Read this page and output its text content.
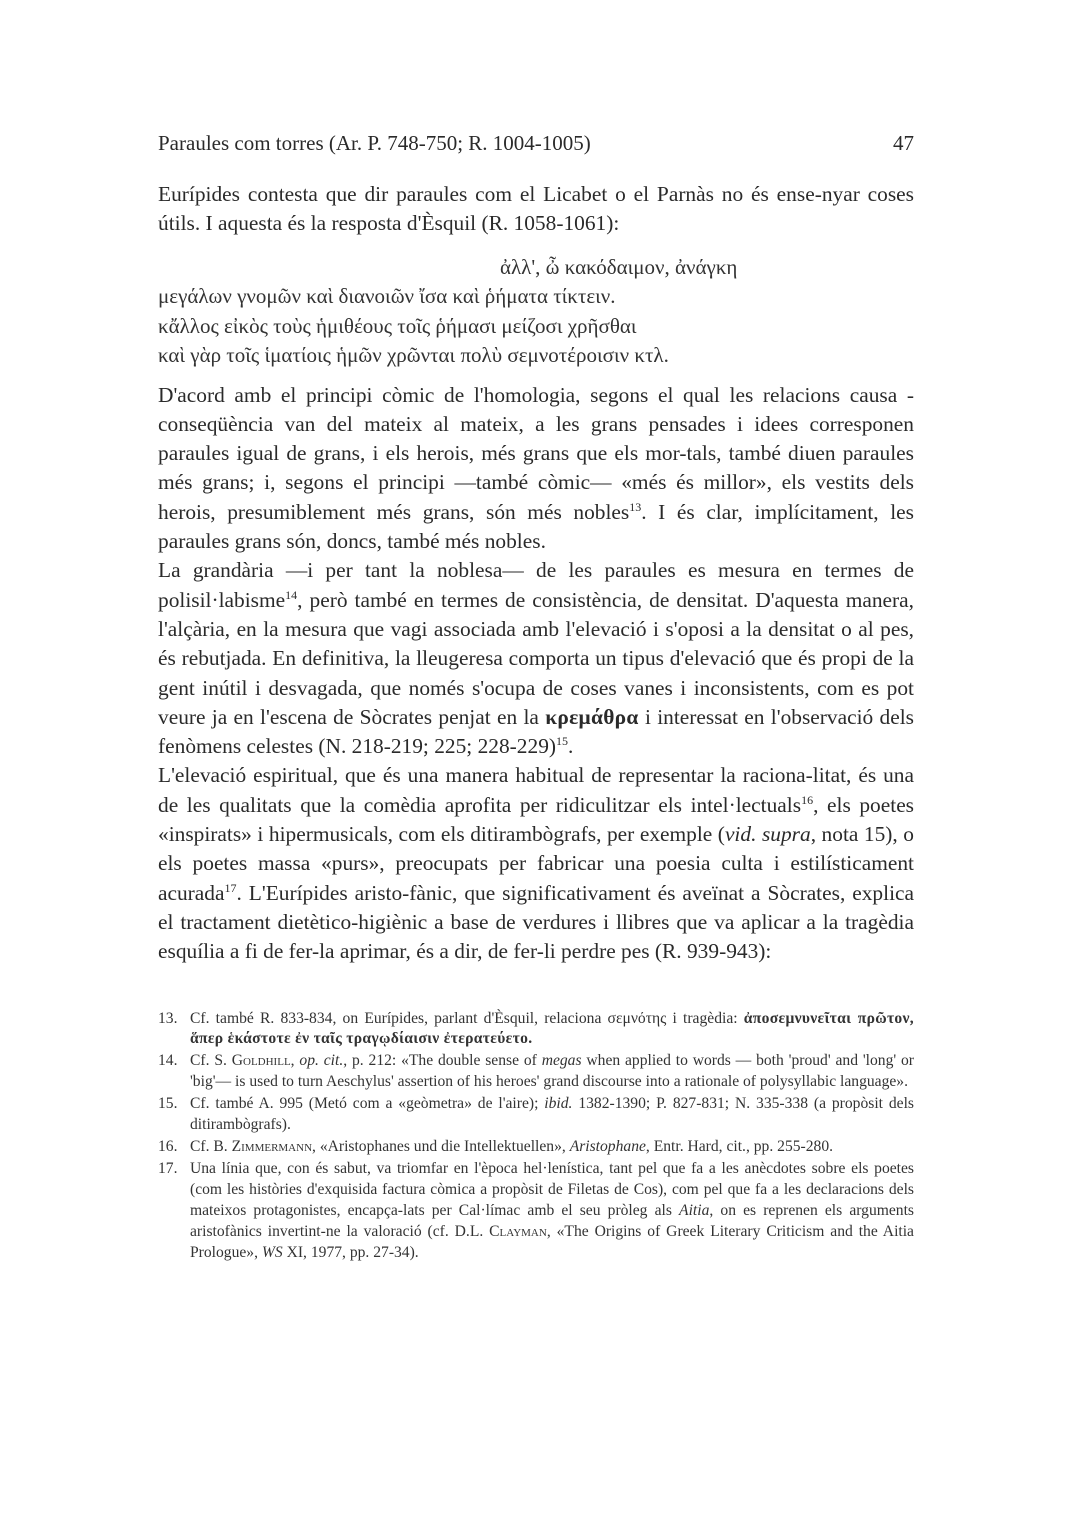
Paraules com torres (Ar. P. 748-750; R. 1004-1005)	47

Eurípides contesta que dir paraules com el Licabet o el Parnàs no és ense-nyar coses útils. I aquesta és la resposta d'Èsquil (R. 1058-1061):

ἀλλ', ὦ κακόδαιμον, ἀνάγκη
μεγάλων γνομῶν καὶ διανοιῶν ἴσα καὶ ῥήματα τίκτειν.
κἄλλος εἰκὸς τοὺς ἡμιθέους τοῖς ῥήμασι μείζοσι χρῆσθαι
καὶ γὰρ τοῖς ἱματίοις ἡμῶν χρῶνται πολὺ σεμνοτέροισιν κτλ.

D'acord amb el principi còmic de l'homologia, segons el qual les relacions causa - conseqüència van del mateix al mateix, a les grans pensades i idees corresponen paraules igual de grans, i els herois, més grans que els mor-tals, també diuen paraules més grans; i, segons el principi —també còmic— «més és millor», els vestits dels herois, presumiblement més grans, són més nobles$^{13}$. I és clar, implícitament, les paraules grans són, doncs, també més nobles.

La grandària —i per tant la noblesa— de les paraules es mesura en termes de polisil·labisme$^{14}$, però també en termes de consistència, de densitat. D'aquesta manera, l'alçària, en la mesura que vagi associada amb l'elevació i s'oposi a la densitat o al pes, és rebutjada. En definitiva, la lleugeresa comporta un tipus d'elevació que és propi de la gent inútil i desvagada, que només s'ocupa de coses vanes i inconsistents, com es pot veure ja en l'escena de Sòcrates penjat en la κρεμάθρα i interessat en l'observació dels fenòmens celestes (N. 218-219; 225; 228-229)$^{15}$.

L'elevació espiritual, que és una manera habitual de representar la raciona-litat, és una de les qualitats que la comèdia aprofita per ridiculitzar els intel·lectuals$^{16}$, els poetes «inspirats» i hipermusicals, com els ditirambògrafs, per exemple (vid. supra, nota 15), o els poetes massa «purs», preocupats per fabricar una poesia culta i estilísticament acurada$^{17}$. L'Eurípides aristo-fànic, que significativament és aveïnat a Sòcrates, explica el tractament dietètico-higiènic a base de verdures i llibres que va aplicar a la tragèdia esquília a fi de fer-la aprimar, és a dir, de fer-li perdre pes (R. 939-943):

13. Cf. també R. 833-834, on Eurípides, parlant d'Èsquil, relaciona σεμνότης i tragèdia: ἀποσεμνυνεῖται πρῶτον, ἅπερ ἑκάστοτε ἐν ταῖς τραγῳδίαισιν ἐτερατεύετο.
14. Cf. S. Goldhill, op. cit., p. 212: «The double sense of megas when applied to words — both 'proud' and 'long' or 'big'— is used to turn Aeschylus' assertion of his heroes' grand discourse into a rationale of polysyllabic language».
15. Cf. també A. 995 (Metó com a «geòmetra» de l'aire); ibid. 1382-1390; P. 827-831; N. 335-338 (a propòsit dels ditirambògrafs).
16. Cf. B. Zimmermann, «Aristophanes und die Intellektuellen», Aristophane, Entr. Hard, cit., pp. 255-280.
17. Una línia que, con és sabut, va triomfar en l'època hel·lenística, tant pel que fa a les anècdotes sobre els poetes (com les històries d'exquisida factura còmica a propòsit de Filetas de Cos), com pel que fa a les declaracions dels mateixos protagonistes, encapça-lats per Cal·límac amb el seu pròleg als Aitia, on es reprenen els arguments aristofànics invertint-ne la valoració (cf. D.L. Clayman, «The Origins of Greek Literary Criticism and the Aitia Prologue», WS XI, 1977, pp. 27-34).
